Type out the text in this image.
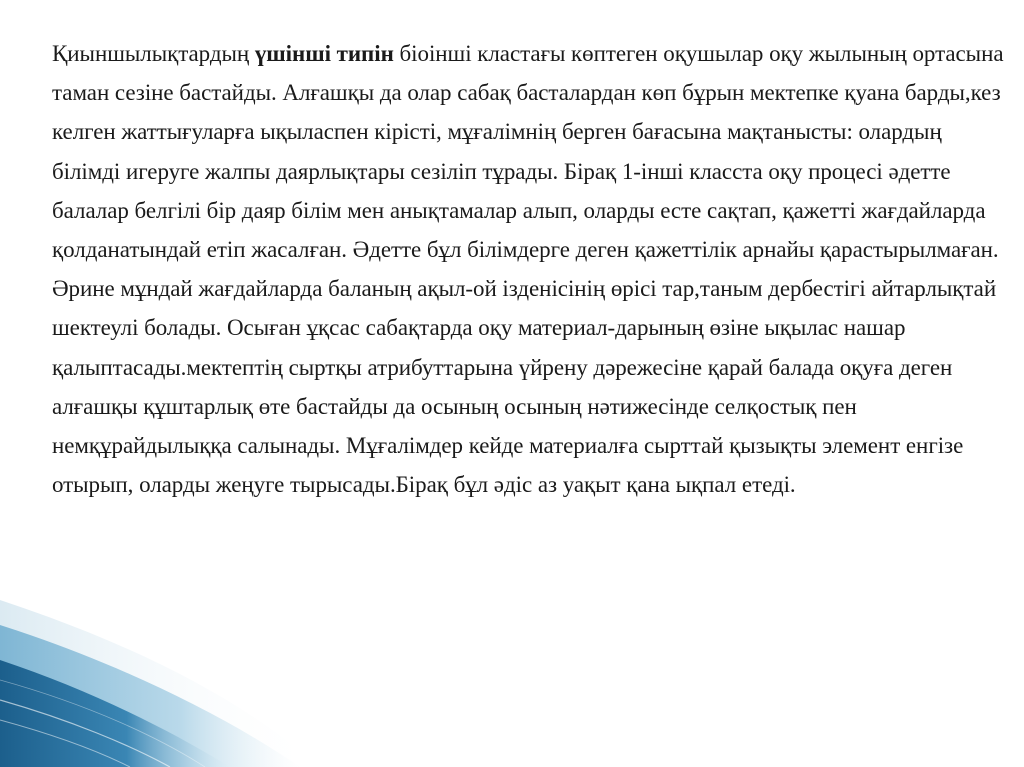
Қиыншылықтардың үшінші типін біоінші кластағы көптеген оқушылар оқу жылының ортасына таман сезіне бастайды. Алғашқы да олар сабақ басталардан көп бұрын мектепке қуана барды,кез келген жаттығуларға ықыласпен кірісті, мұғалімнің берген бағасына мақтанысты: олардың білімді игеруге жалпы даярлықтары сезіліп тұрады. Бірақ 1-інші класста оқу процесі әдетте балалар белгілі бір даяр білім мен анықтамалар алып, оларды есте сақтап, қажетті жағдайларда қолданатындай етіп жасалған. Әдетте бұл білімдерге деген қажеттілік арнайы қарастырылмаған. Әрине мұндай жағдайларда баланың ақыл-ой ізденісінің өрісі тар,таным дербестігі айтарлықтай шектеулі болады. Осыған ұқсас сабақтарда оқу материал-дарының өзіне ықылас нашар қалыптасады.мектептің сыртқы атрибуттарына үйрену дәрежесіне қарай балада оқуға деген алғашқы құштарлық өте бастайды да осының осының нәтижесінде селқостық пен немқұрайдылыққа салынады. Мұғалімдер кейде материалға сырттай қызықты элемент енгізе отырып, оларды жеңуге тырысады.Бірақ бұл әдіс аз уақыт қана ықпал етеді.
